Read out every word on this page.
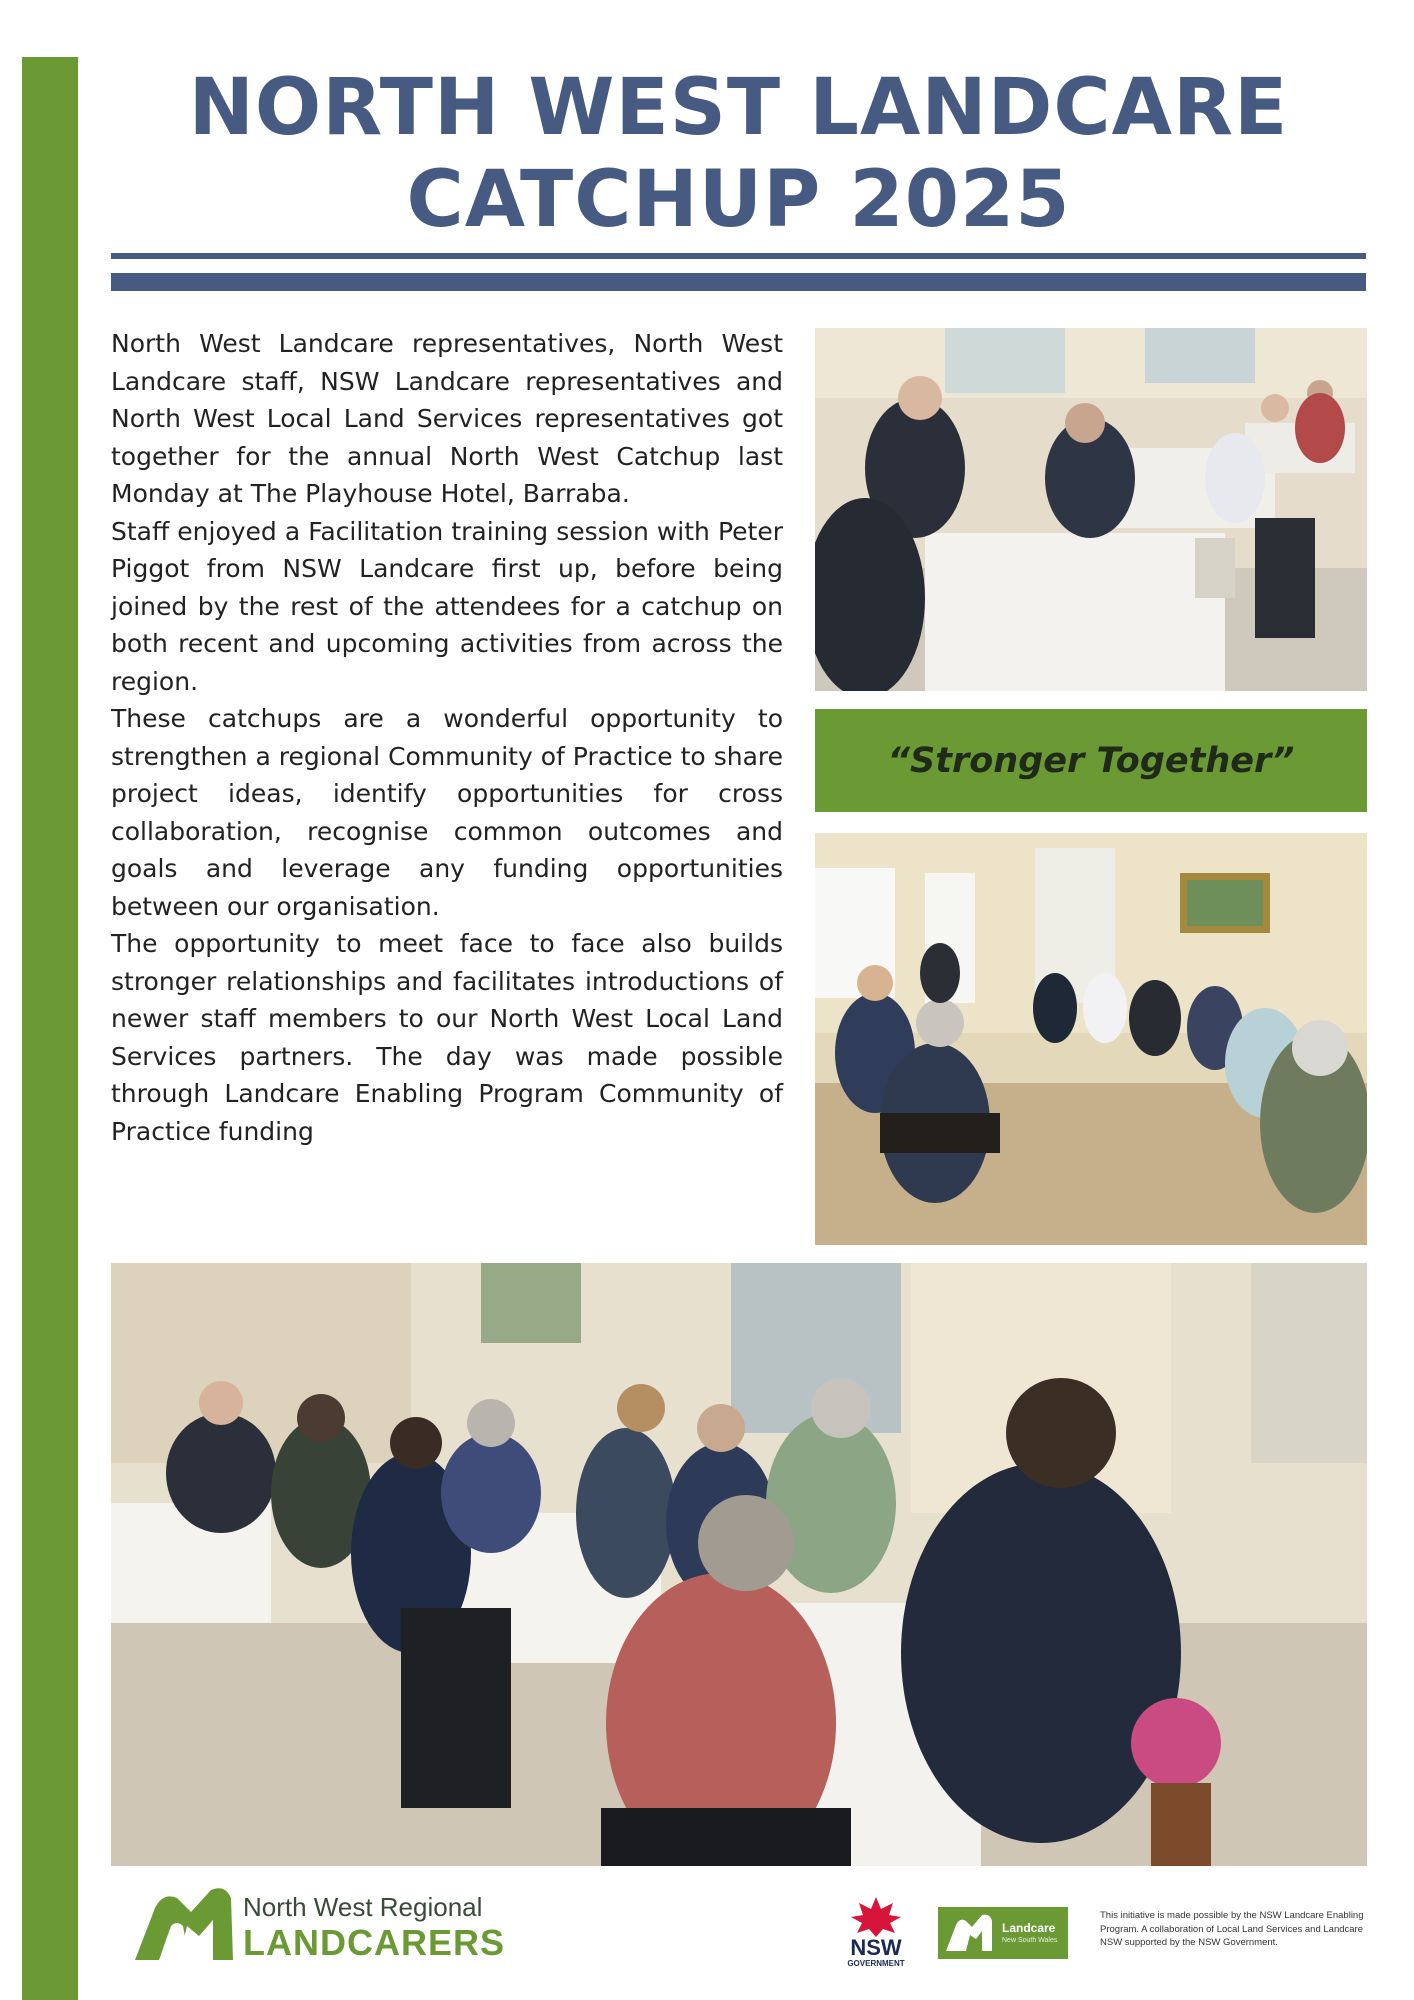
NORTH WEST LANDCARE
CATCHUP 2025

North West Landcare representatives, North West Landcare staff, NSW Landcare representatives and North West Local Land Services representatives got together for the annual North West Catchup last Monday at The Playhouse Hotel, Barraba.

Staff enjoyed a Facilitation training session with Peter Piggot from NSW Landcare first up, before being joined by the rest of the attendees for a catchup on both recent and upcoming activities from across the region.

These catchups are a wonderful opportunity to strengthen a regional Community of Practice to share project ideas, identify opportunities for cross collaboration, recognise common outcomes and goals and leverage any funding opportunities between our organisation.

The opportunity to meet face to face also builds stronger relationships and facilitates introductions of newer staff members to our North West Local Land Services partners. The day was made possible through Landcare Enabling Program Community of Practice funding

“Stronger Together”
North West Regional
LANDCARERS	NSW
GOVERNMENT
Landcare
New South Wales

This initiative is made possible by the NSW Landcare Enabling Program. A collaboration of Local Land Services and Landcare NSW supported by the NSW Government.
